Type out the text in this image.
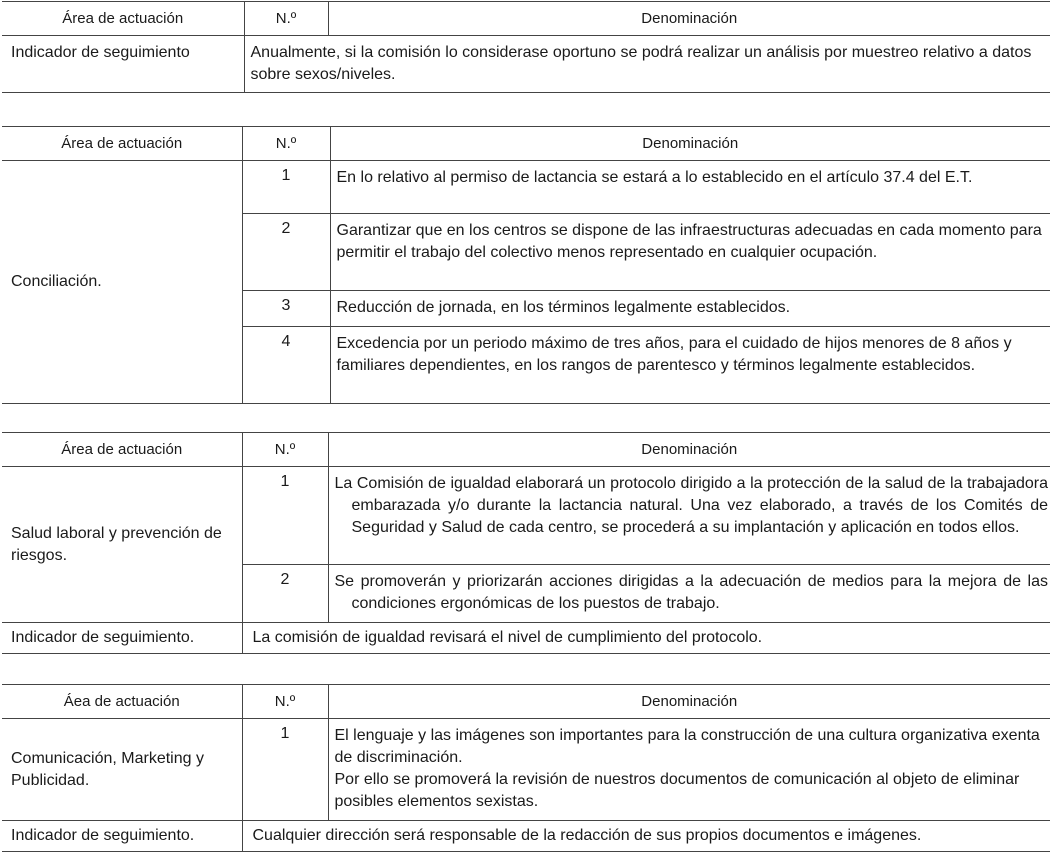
Área de actuación	N.º	Denominación
Indicador de seguimiento	Anualmente, si la comisión lo considerase oportuno se podrá realizar un análisis por muestreo relativo a datos sobre sexos/niveles.	
Área de actuación	N.º	Denominación
Conciliación.	1	En lo relativo al permiso de lactancia se estará a lo establecido en el artículo 37.4 del E.T.
	2	Garantizar que en los centros se dispone de las infraestructuras adecuadas en cada momento para permitir el trabajo del colectivo menos representado en cualquier ocupación.
	3	Reducción de jornada, en los términos legalmente establecidos.
	4	Excedencia por un periodo máximo de tres años, para el cuidado de hijos menores de 8 años y familiares dependientes, en los rangos de parentesco y términos legalmente establecidos.
Área de actuación	N.º	Denominación
Salud laboral y prevención de riesgos.	1	La Comisión de igualdad elaborará un protocolo dirigido a la protección de la salud de la trabajadora embarazada y/o durante la lactancia natural. Una vez elaborado, a través de los Comités de Seguridad y Salud de cada centro, se procederá a su implantación y aplicación en todos ellos.

	2	Se promoverán y priorizarán acciones dirigidas a la adecuación de medios para la mejora de las condiciones ergonómicas de los puestos de trabajo.

Indicador de seguimiento.	La comisión de igualdad revisará el nivel de cumplimiento del protocolo.	
Áea de actuación	N.º	Denominación
Comunicación, Marketing y Publicidad.	1	El lenguaje y las imágenes son importantes para la construcción de una cultura organizativa exenta de discriminación.
Por ello se promoverá la revisión de nuestros documentos de comunicación al objeto de eliminar posibles elementos sexistas.

Indicador de seguimiento.	Cualquier dirección será responsable de la redacción de sus propios documentos e imágenes.	
